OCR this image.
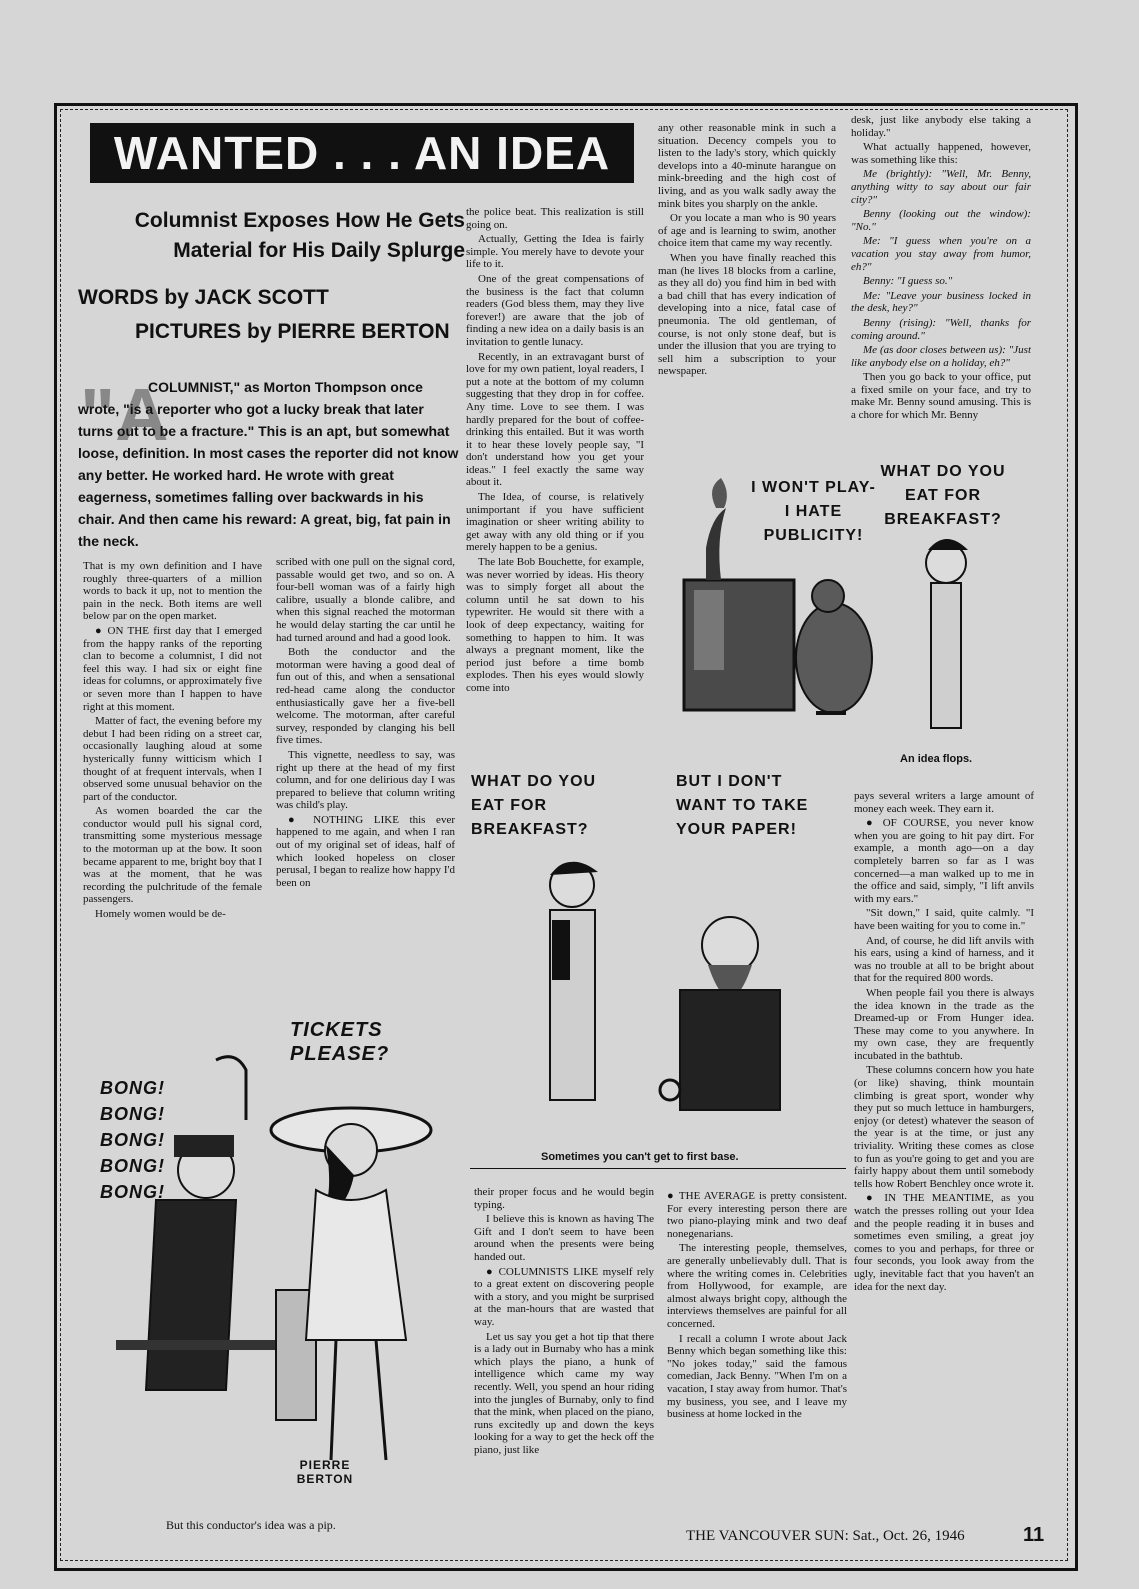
WANTED . . . AN IDEA
Columnist Exposes How He Gets Material for His Daily Splurge
WORDS by JACK SCOTT
PICTURES by PIERRE BERTON
"A
COLUMNIST," as Morton Thompson once wrote, "is a reporter who got a lucky break that later turns out to be a fracture." This is an apt, but somewhat loose, definition. In most cases the reporter did not know any better. He worked hard. He wrote with great eagerness, sometimes falling over backwards in his chair. And then came his reward: A great, big, fat pain in the neck.

That is my own definition and I have roughly three-quarters of a million words to back it up, not to mention the pain in the neck. Both items are well below par on the open market.

● ON THE first day that I emerged from the happy ranks of the reporting clan to become a columnist, I did not feel this way. I had six or eight fine ideas for columns, or approximately five or seven more than I happen to have right at this moment.

Matter of fact, the evening before my debut I had been riding on a street car, occasionally laughing aloud at some hysterically funny witticism which I thought of at frequent intervals, when I observed some unusual behavior on the part of the conductor.

As women boarded the car the conductor would pull his signal cord, transmitting some mysterious message to the motorman up at the bow. It soon became apparent to me, bright boy that I was at the moment, that he was recording the pulchritude of the female passengers.

Homely women would be de-

scribed with one pull on the signal cord, passable would get two, and so on. A four-bell woman was of a fairly high calibre, usually a blonde calibre, and when this signal reached the motorman he would delay starting the car until he had turned around and had a good look.

Both the conductor and the motorman were having a good deal of fun out of this, and when a sensational red-head came along the conductor enthusiastically gave her a five-bell welcome. The motorman, after careful survey, responded by clanging his bell five times.

This vignette, needless to say, was right up there at the head of my first column, and for one delirious day I was prepared to believe that column writing was child's play.

● NOTHING LIKE this ever happened to me again, and when I ran out of my original set of ideas, half of which looked hopeless on closer perusal, I began to realize how happy I'd been on

the police beat. This realization is still going on.

Actually, Getting the Idea is fairly simple. You merely have to devote your life to it.

One of the great compensations of the business is the fact that column readers (God bless them, may they live forever!) are aware that the job of finding a new idea on a daily basis is an invitation to gentle lunacy.

Recently, in an extravagant burst of love for my own patient, loyal readers, I put a note at the bottom of my column suggesting that they drop in for coffee. Any time. Love to see them. I was hardly prepared for the bout of coffee-drinking this entailed. But it was worth it to hear these lovely people say, "I don't understand how you get your ideas." I feel exactly the same way about it.

The Idea, of course, is relatively unimportant if you have sufficient imagination or sheer writing ability to get away with any old thing or if you merely happen to be a genius.

The late Bob Bouchette, for example, was never worried by ideas. His theory was to simply forget all about the column until he sat down to his typewriter. He would sit there with a look of deep expectancy, waiting for something to happen to him. It was always a pregnant moment, like the period just before a time bomb explodes. Then his eyes would slowly come into

any other reasonable mink in such a situation. Decency compels you to listen to the lady's story, which quickly develops into a 40-minute harangue on mink-breeding and the high cost of living, and as you walk sadly away the mink bites you sharply on the ankle.

Or you locate a man who is 90 years of age and is learning to swim, another choice item that came my way recently.

When you have finally reached this man (he lives 18 blocks from a carline, as they all do) you find him in bed with a bad chill that has every indication of developing into a nice, fatal case of pneumonia. The old gentleman, of course, is not only stone deaf, but is under the illusion that you are trying to sell him a subscription to your newspaper.

desk, just like anybody else taking a holiday."

What actually happened, however, was something like this:

Me (brightly): "Well, Mr. Benny, anything witty to say about our fair city?"

Benny (looking out the window): "No."

Me: "I guess when you're on a vacation you stay away from humor, eh?"

Benny: "I guess so."

Me: "Leave your business locked in the desk, hey?"

Benny (rising): "Well, thanks for coming around."

Me (as door closes between us): "Just like anybody else on a holiday, eh?"

Then you go back to your office, put a fixed smile on your face, and try to make Mr. Benny sound amusing. This is a chore for which Mr. Benny

pays several writers a large amount of money each week. They earn it.

● OF COURSE, you never know when you are going to hit pay dirt. For example, a month ago—on a day completely barren so far as I was concerned—a man walked up to me in the office and said, simply, "I lift anvils with my ears."

"Sit down," I said, quite calmly. "I have been waiting for you to come in."

And, of course, he did lift anvils with his ears, using a kind of harness, and it was no trouble at all to be bright about that for the required 800 words.

When people fail you there is always the idea known in the trade as the Dreamed-up or From Hunger idea. These may come to you anywhere. In my own case, they are frequently incubated in the bathtub.

These columns concern how you hate (or like) shaving, think mountain climbing is great sport, wonder why they put so much lettuce in hamburgers, enjoy (or detest) whatever the season of the year is at the time, or just any triviality. Writing these comes as close to fun as you're going to get and you are fairly happy about them until somebody tells how Robert Benchley once wrote it.

● IN THE MEANTIME, as you watch the presses rolling out your Idea and the people reading it in buses and sometimes even smiling, a great joy comes to you and perhaps, for three or four seconds, you look away from the ugly, inevitable fact that you haven't an idea for the next day.

their proper focus and he would begin typing.

I believe this is known as having The Gift and I don't seem to have been around when the presents were being handed out.

● COLUMNISTS LIKE myself rely to a great extent on discovering people with a story, and you might be surprised at the man-hours that are wasted that way.

Let us say you get a hot tip that there is a lady out in Burnaby who has a mink which plays the piano, a hunk of intelligence which came my way recently. Well, you spend an hour riding into the jungles of Burnaby, only to find that the mink, when placed on the piano, runs excitedly up and down the keys looking for a way to get the heck off the piano, just like

● THE AVERAGE is pretty consistent. For every interesting person there are two piano-playing mink and two deaf nonegenarians.

The interesting people, themselves, are generally unbelievably dull. That is where the writing comes in. Celebrities from Hollywood, for example, are almost always bright copy, although the interviews themselves are painful for all concerned.

I recall a column I wrote about Jack Benny which began something like this: "No jokes today," said the famous comedian, Jack Benny. "When I'm on a vacation, I stay away from humor. That's my business, you see, and I leave my business at home locked in the

I WON'T PLAY- I HATE PUBLICITY!
WHAT DO YOU EAT FOR BREAKFAST?
An idea flops.
WHAT DO YOU EAT FOR BREAKFAST?
BUT I DON'T WANT TO TAKE YOUR PAPER!
Sometimes you can't get to first base.
BONG!
BONG!
BONG!
BONG!
BONG!
TICKETS PLEASE?
PIERRE BERTON
But this conductor's idea was a pip.
THE VANCOUVER SUN: Sat., Oct. 26, 1946	11
